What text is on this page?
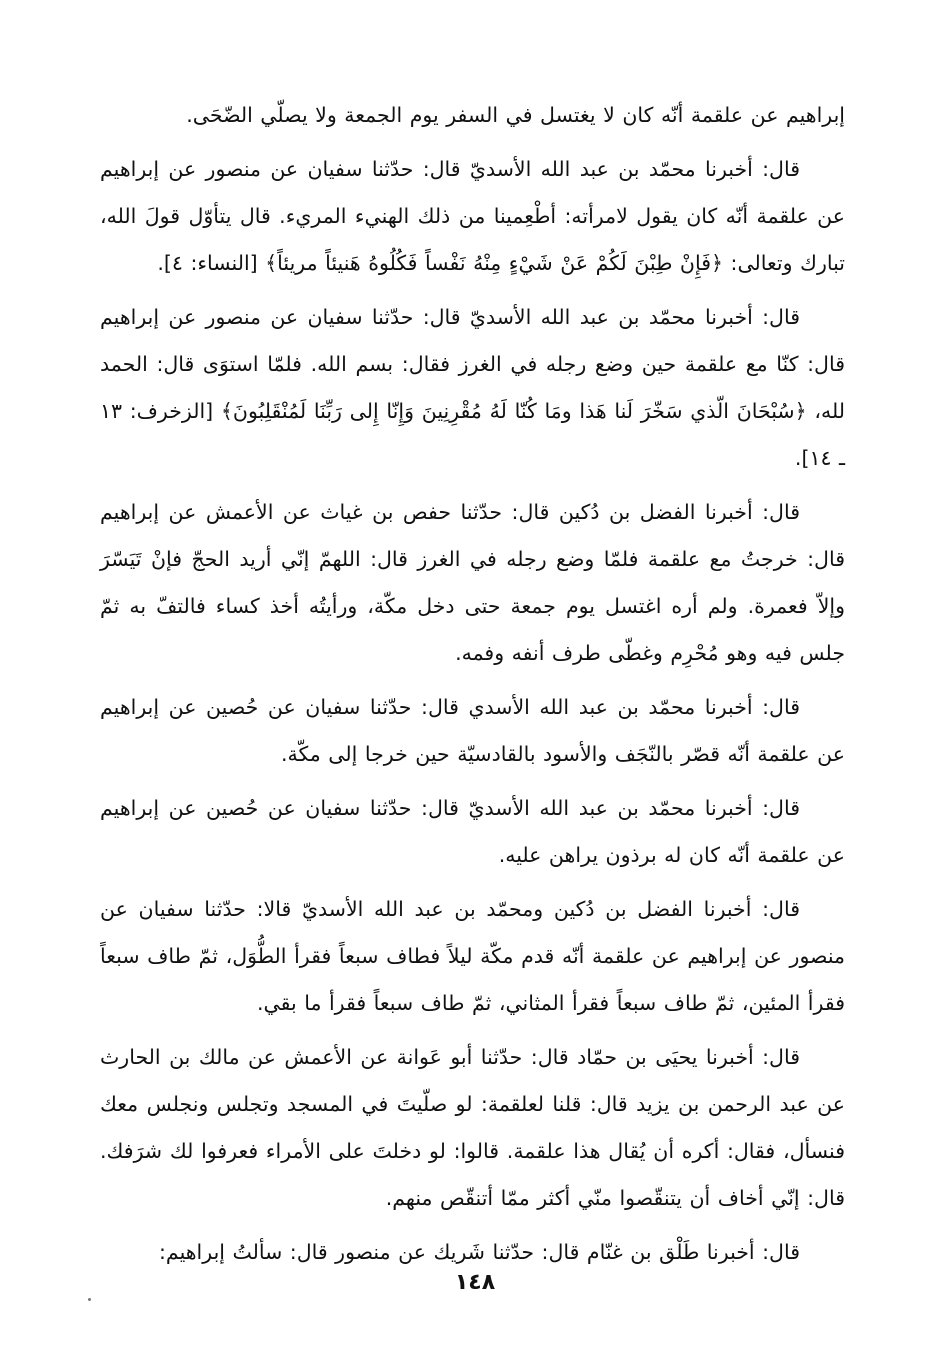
إبراهيم عن علقمة أنّه كان لا يغتسل في السفر يوم الجمعة ولا يصلّي الضّحَى.

قال: أخبرنا محمّد بن عبد الله الأسديّ قال: حدّثنا سفيان عن منصور عن إبراهيم عن علقمة أنّه كان يقول لامرأته: أطْعِمينا من ذلك الهنيء المريء. قال يتأوّل قولَ الله، تبارك وتعالى: ﴿فَإِنْ طِبْنَ لَكُمْ عَنْ شَيْءٍ مِنْهُ نَفْساً فَكُلُوهُ هَنيئاً مريئاً﴾ [النساء: ٤].

قال: أخبرنا محمّد بن عبد الله الأسديّ قال: حدّثنا سفيان عن منصور عن إبراهيم قال: كنّا مع علقمة حين وضع رجله في الغرز فقال: بسم الله. فلمّا استوَى قال: الحمد لله، ﴿سُبْحَانَ الّذي سَخّرَ لَنا هَذا ومَا كُنّا لَهُ مُقْرِنِينَ وَإِنّا إِلى رَبِّنَا لَمُنْقَلِبُونَ﴾ [الزخرف: ١٣ ـ ١٤].

قال: أخبرنا الفضل بن دُكين قال: حدّثنا حفص بن غياث عن الأعمش عن إبراهيم قال: خرجتُ مع علقمة فلمّا وضع رجله في الغرز قال: اللهمّ إنّي أريد الحجّ فإنْ تَيَسّرَ وإلاّ فعمرة. ولم أره اغتسل يوم جمعة حتى دخل مكّة، ورأيتُه أخذ كساء فالتفّ به ثمّ جلس فيه وهو مُحْرِم وغطّى طرف أنفه وفمه.

قال: أخبرنا محمّد بن عبد الله الأسدي قال: حدّثنا سفيان عن حُصين عن إبراهيم عن علقمة أنّه قصّر بالنّجَف والأسود بالقادسيّة حين خرجا إلى مكّة.

قال: أخبرنا محمّد بن عبد الله الأسديّ قال: حدّثنا سفيان عن حُصين عن إبراهيم عن علقمة أنّه كان له برذون يراهن عليه.

قال: أخبرنا الفضل بن دُكين ومحمّد بن عبد الله الأسديّ قالا: حدّثنا سفيان عن منصور عن إبراهيم عن علقمة أنّه قدم مكّة ليلاً فطاف سبعاً فقرأ الطُّوَل، ثمّ طاف سبعاً فقرأ المئين، ثمّ طاف سبعاً فقرأ المثاني، ثمّ طاف سبعاً فقرأ ما بقي.

قال: أخبرنا يحيَى بن حمّاد قال: حدّثنا أبو عَوانة عن الأعمش عن مالك بن الحارث عن عبد الرحمن بن يزيد قال: قلنا لعلقمة: لو صلّيتَ في المسجد وتجلس ونجلس معك فنسأل، فقال: أكره أن يُقال هذا علقمة. قالوا: لو دخلتَ على الأمراء فعرفوا لك شرَفك. قال: إنّي أخاف أن يتنقّصوا منّي أكثر ممّا أتنقّص منهم.

قال: أخبرنا طَلْق بن غنّام قال: حدّثنا شَريك عن منصور قال: سألتُ إبراهيم:

١٤٨
